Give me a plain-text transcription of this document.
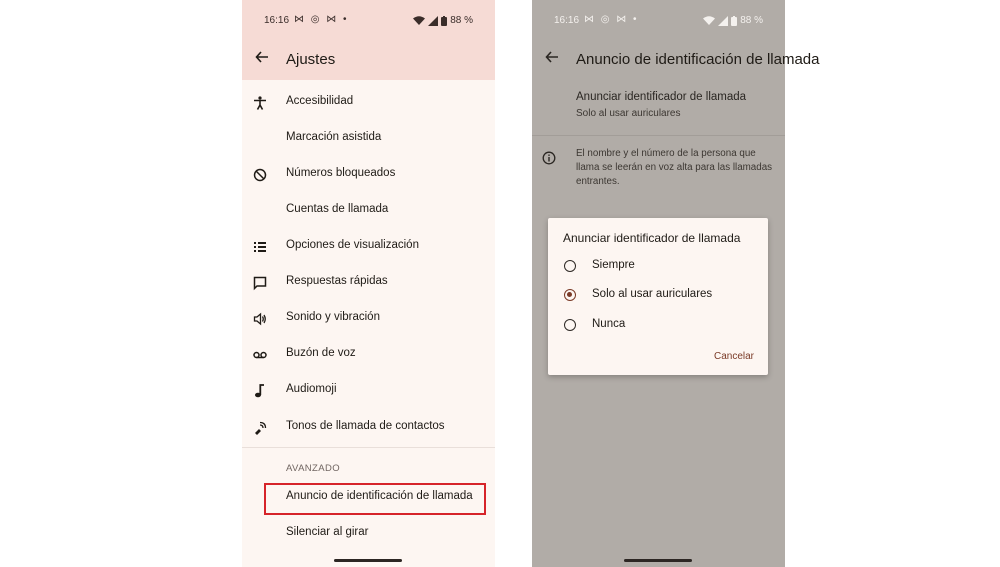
16:16 ⋈ ◎ ⋈ •	88 %
Ajustes
Accesibilidad
Marcación asistida
Números bloqueados
Cuentas de llamada
Opciones de visualización
Respuestas rápidas
Sonido y vibración
Buzón de voz
Audiomoji
Tonos de llamada de contactos
AVANZADO
Anuncio de identificación de llamada
Silenciar al girar
16:16 ⋈ ◎ ⋈ •	88 %
Anuncio de identificación de llamada
Anunciar identificador de llamada
Solo al usar auriculares
El nombre y el número de la persona que llama se leerán en voz alta para las llamadas entrantes.
Anunciar identificador de llamada
Siempre
Solo al usar auriculares
Nunca
Cancelar
